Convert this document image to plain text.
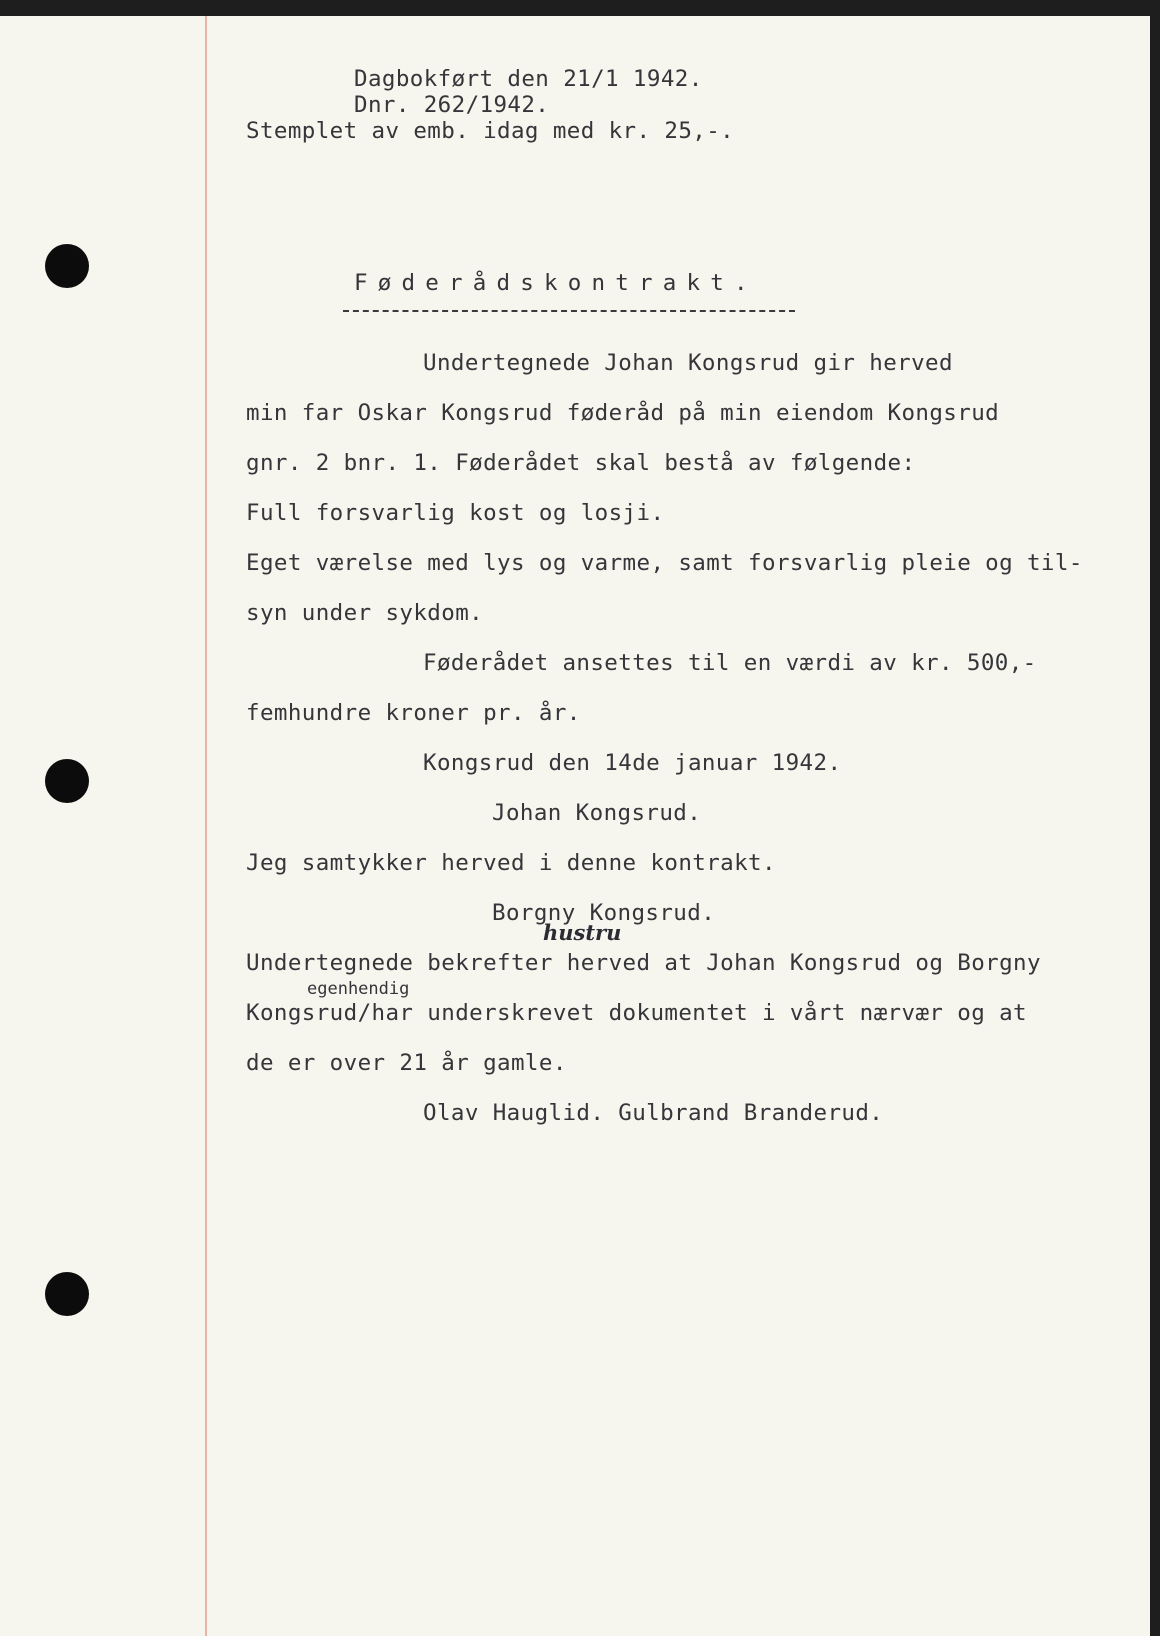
Dagbokført den 21/1 1942.
Dnr. 262/1942.
Stemplet av emb. idag med kr. 25,-.
Føderådskontrakt.
Undertegnede Johan Kongsrud gir herved
min far Oskar Kongsrud føderåd på min eiendom Kongsrud
gnr. 2 bnr. 1. Føderådet skal bestå av følgende:
Full forsvarlig kost og losji.
Eget værelse med lys og varme, samt forsvarlig pleie og til-
syn under sykdom.
Føderådet ansettes til en værdi av kr. 500,-
femhundre kroner pr. år.
Kongsrud den 14de januar 1942.
Johan Kongsrud.
Jeg samtykker herved i denne kontrakt.
Borgny Kongsrud.
hustru
Undertegnede bekrefter herved at Johan Kongsrud og Borgny
egenhendig
Kongsrud/har underskrevet dokumentet i vårt nærvær og at
de er over 21 år gamle.
Olav Hauglid. Gulbrand Branderud.
